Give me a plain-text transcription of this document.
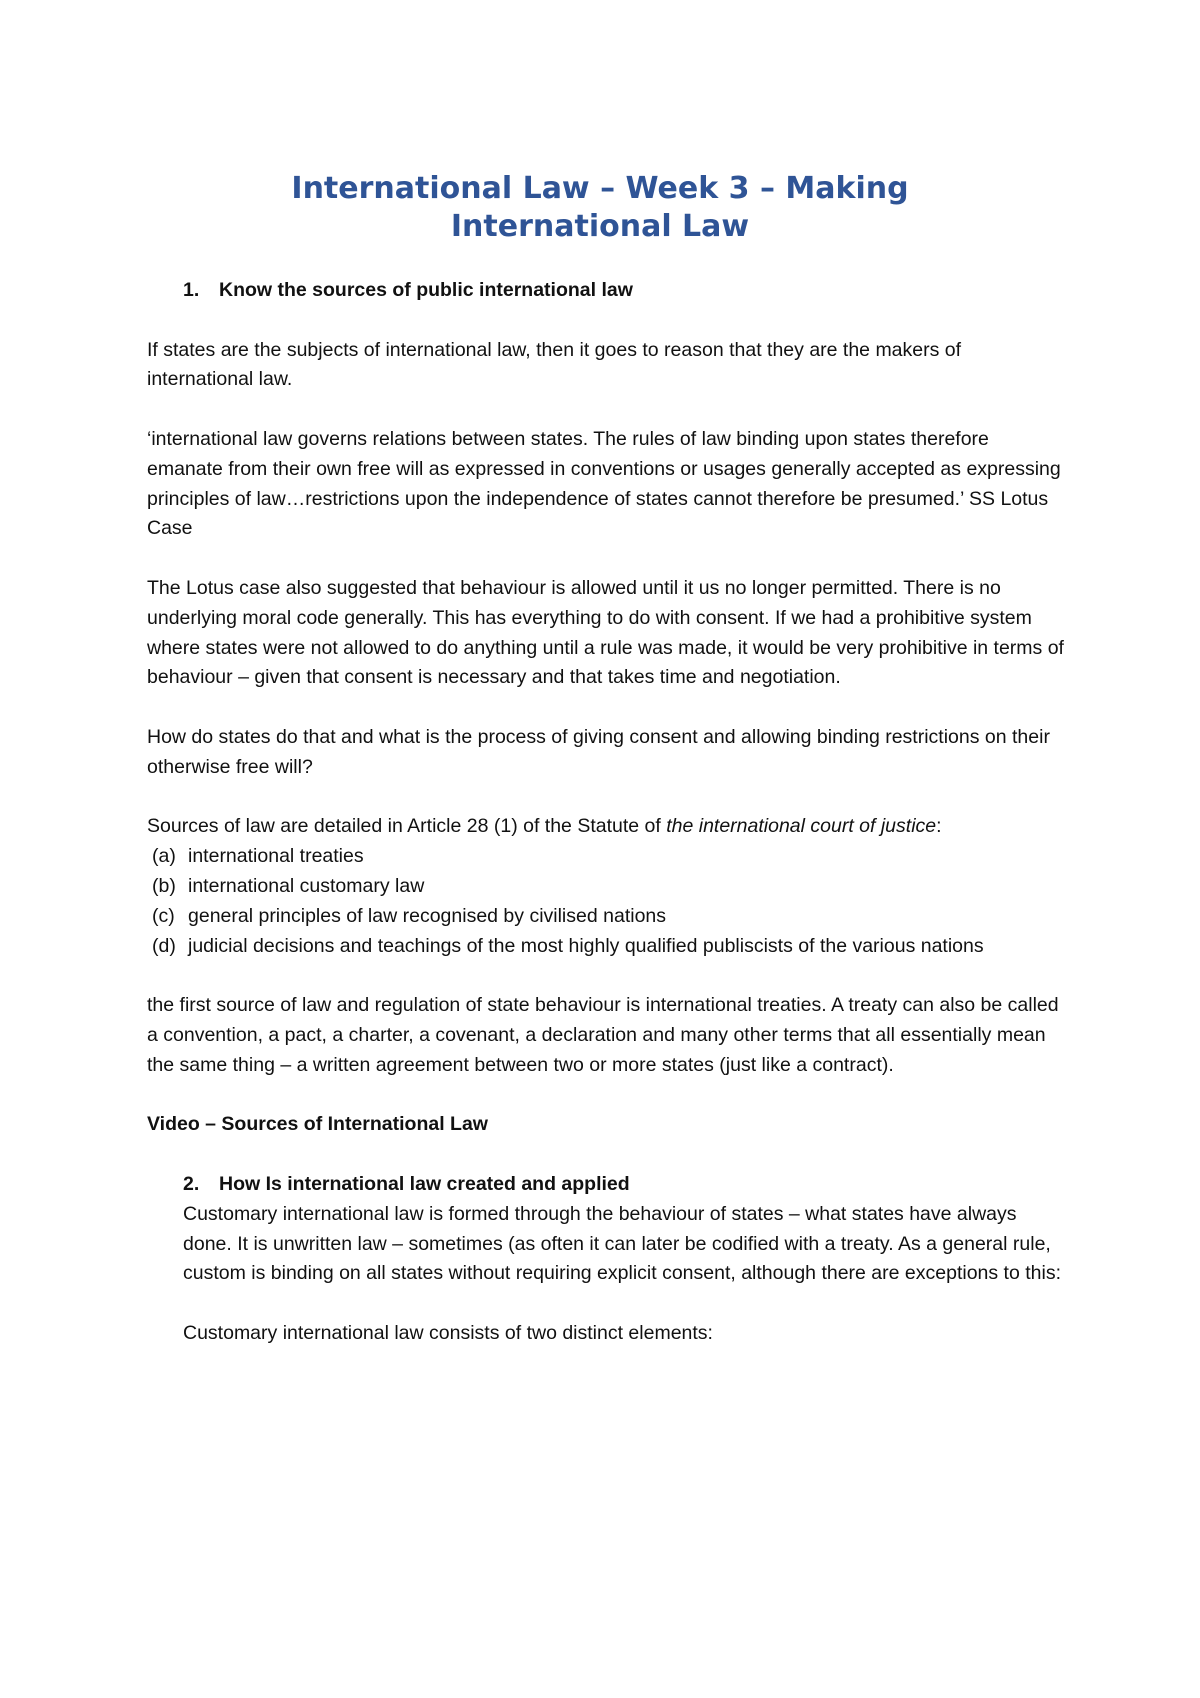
International Law – Week 3 – Making
International Law

1. Know the sources of public international law

If states are the subjects of international law, then it goes to reason that they are the makers of international law.

‘international law governs relations between states. The rules of law binding upon states therefore emanate from their own free will as expressed in conventions or usages generally accepted as expressing principles of law…restrictions upon the independence of states cannot therefore be presumed.’ SS Lotus Case

The Lotus case also suggested that behaviour is allowed until it us no longer permitted. There is no underlying moral code generally. This has everything to do with consent. If we had a prohibitive system where states were not allowed to do anything until a rule was made, it would be very prohibitive in terms of behaviour – given that consent is necessary and that takes time and negotiation.

How do states do that and what is the process of giving consent and allowing binding restrictions on their otherwise free will?

Sources of law are detailed in Article 28 (1) of the Statute of the international court of justice:

(a) international treaties
(b) international customary law
(c) general principles of law recognised by civilised nations
(d) judicial decisions and teachings of the most highly qualified publiscists of the various nations

the first source of law and regulation of state behaviour is international treaties. A treaty can also be called a convention, a pact, a charter, a covenant, a declaration and many other terms that all essentially mean the same thing – a written agreement between two or more states (just like a contract).

Video – Sources of International Law

2. How Is international law created and applied

Customary international law is formed through the behaviour of states – what states have always done. It is unwritten law – sometimes (as often it can later be codified with a treaty. As a general rule, custom is binding on all states without requiring explicit consent, although there are exceptions to this:

Customary international law consists of two distinct elements:
